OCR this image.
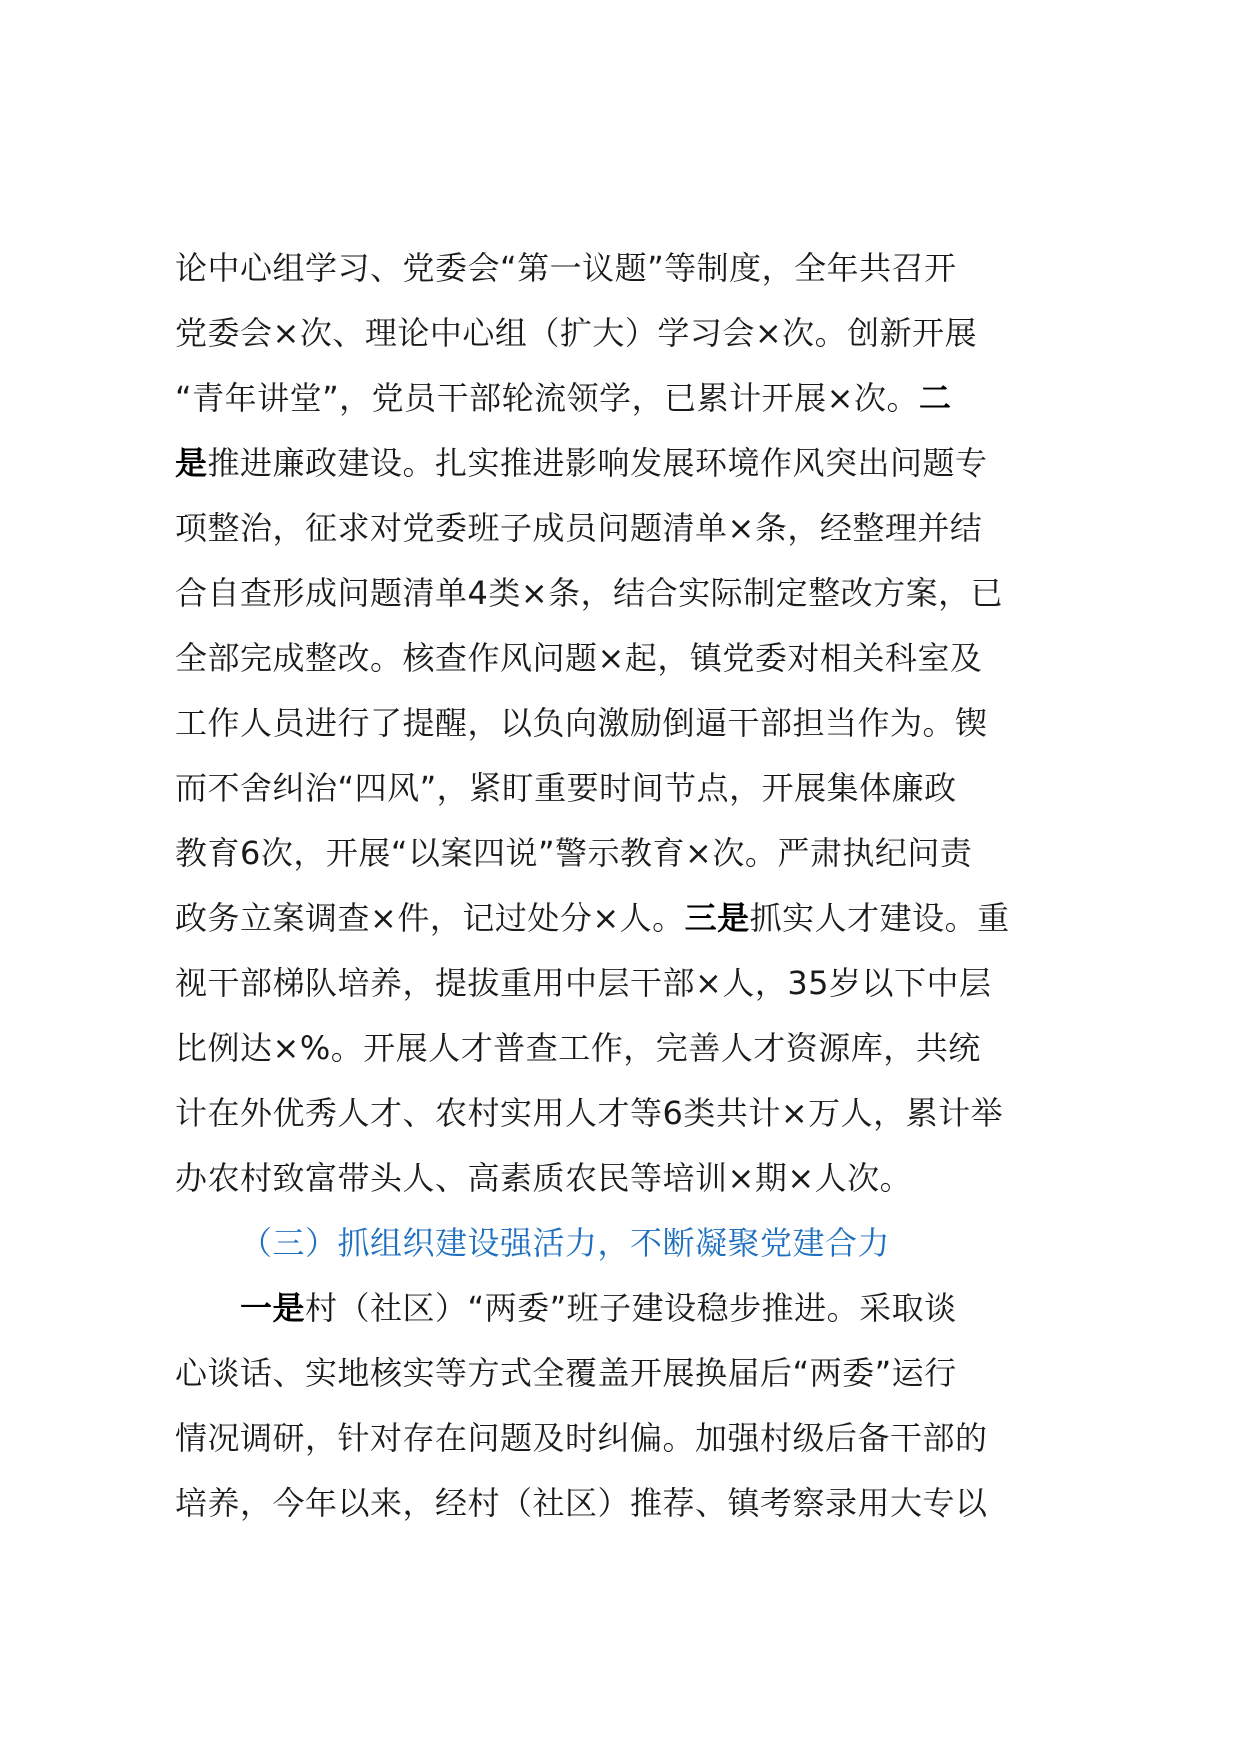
论中心组学习、党委会“第一议题”等制度，全年共召开
党委会×次、理论中心组（扩大）学习会×次。创新开展
“青年讲堂”，党员干部轮流领学，已累计开展×次。二
是推进廉政建设。扎实推进影响发展环境作风突出问题专
项整治，征求对党委班子成员问题清单×条，经整理并结
合自查形成问题清单4类×条，结合实际制定整改方案，已
全部完成整改。核查作风问题×起，镇党委对相关科室及
工作人员进行了提醒，以负向激励倒逼干部担当作为。锲
而不舍纠治“四风”，紧盯重要时间节点，开展集体廉政
教育6次，开展“以案四说”警示教育×次。严肃执纪问责
政务立案调查×件，记过处分×人。三是抓实人才建设。重
视干部梯队培养，提拔重用中层干部×人，35岁以下中层
比例达×%。开展人才普查工作，完善人才资源库，共统
计在外优秀人才、农村实用人才等6类共计×万人，累计举
办农村致富带头人、高素质农民等培训×期×人次。
（三）抓组织建设强活力，不断凝聚党建合力
一是村（社区）“两委”班子建设稳步推进。采取谈
心谈话、实地核实等方式全覆盖开展换届后“两委”运行
情况调研，针对存在问题及时纠偏。加强村级后备干部的
培养，今年以来，经村（社区）推荐、镇考察录用大专以
